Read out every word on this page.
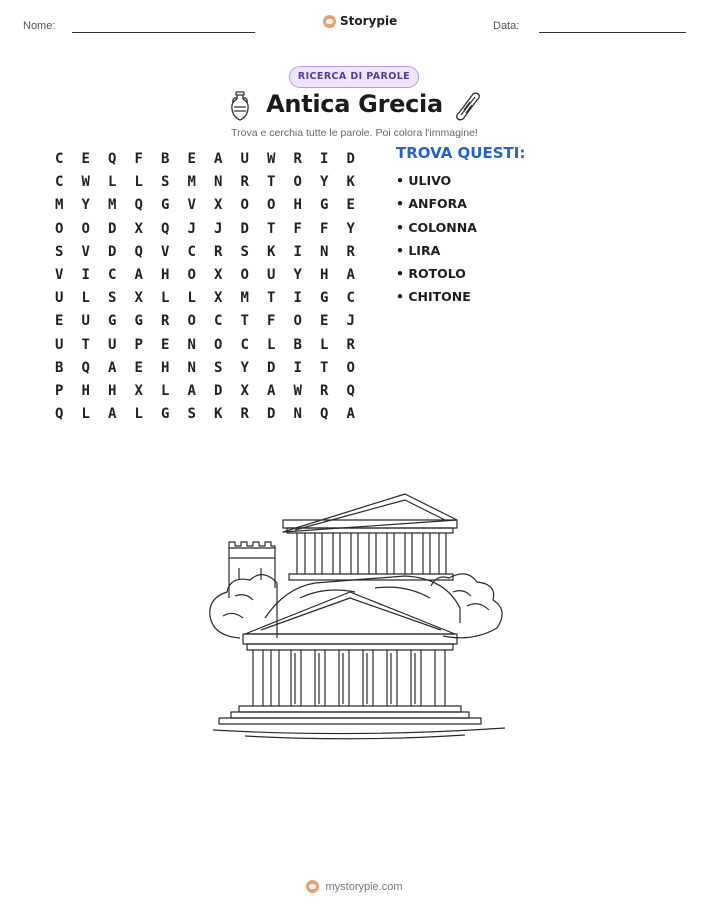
Nome:	Storypie	Data:
RICERCA DI PAROLE
Antica Grecia
Trova e cerchia tutte le parole. Poi colora l'immagine!
C	E	Q	F	B	E	A	U	W	R	I	D
C	W	L	L	S	M	N	R	T	O	Y	K
M	Y	M	Q	G	V	X	O	O	H	G	E
O	O	D	X	Q	J	J	D	T	F	F	Y
S	V	D	Q	V	C	R	S	K	I	N	R
V	I	C	A	H	O	X	O	U	Y	H	A
U	L	S	X	L	L	X	M	T	I	G	C
E	U	G	G	R	O	C	T	F	O	E	J
U	T	U	P	E	N	O	C	L	B	L	R
B	Q	A	E	H	N	S	Y	D	I	T	O
P	H	H	X	L	A	D	X	A	W	R	Q
Q	L	A	L	G	S	K	R	D	N	Q	A
TROVA QUESTI:
• ULIVO
• ANFORA
• COLONNA
• LIRA
• ROTOLO
• CHITONE
mystorypie.com
